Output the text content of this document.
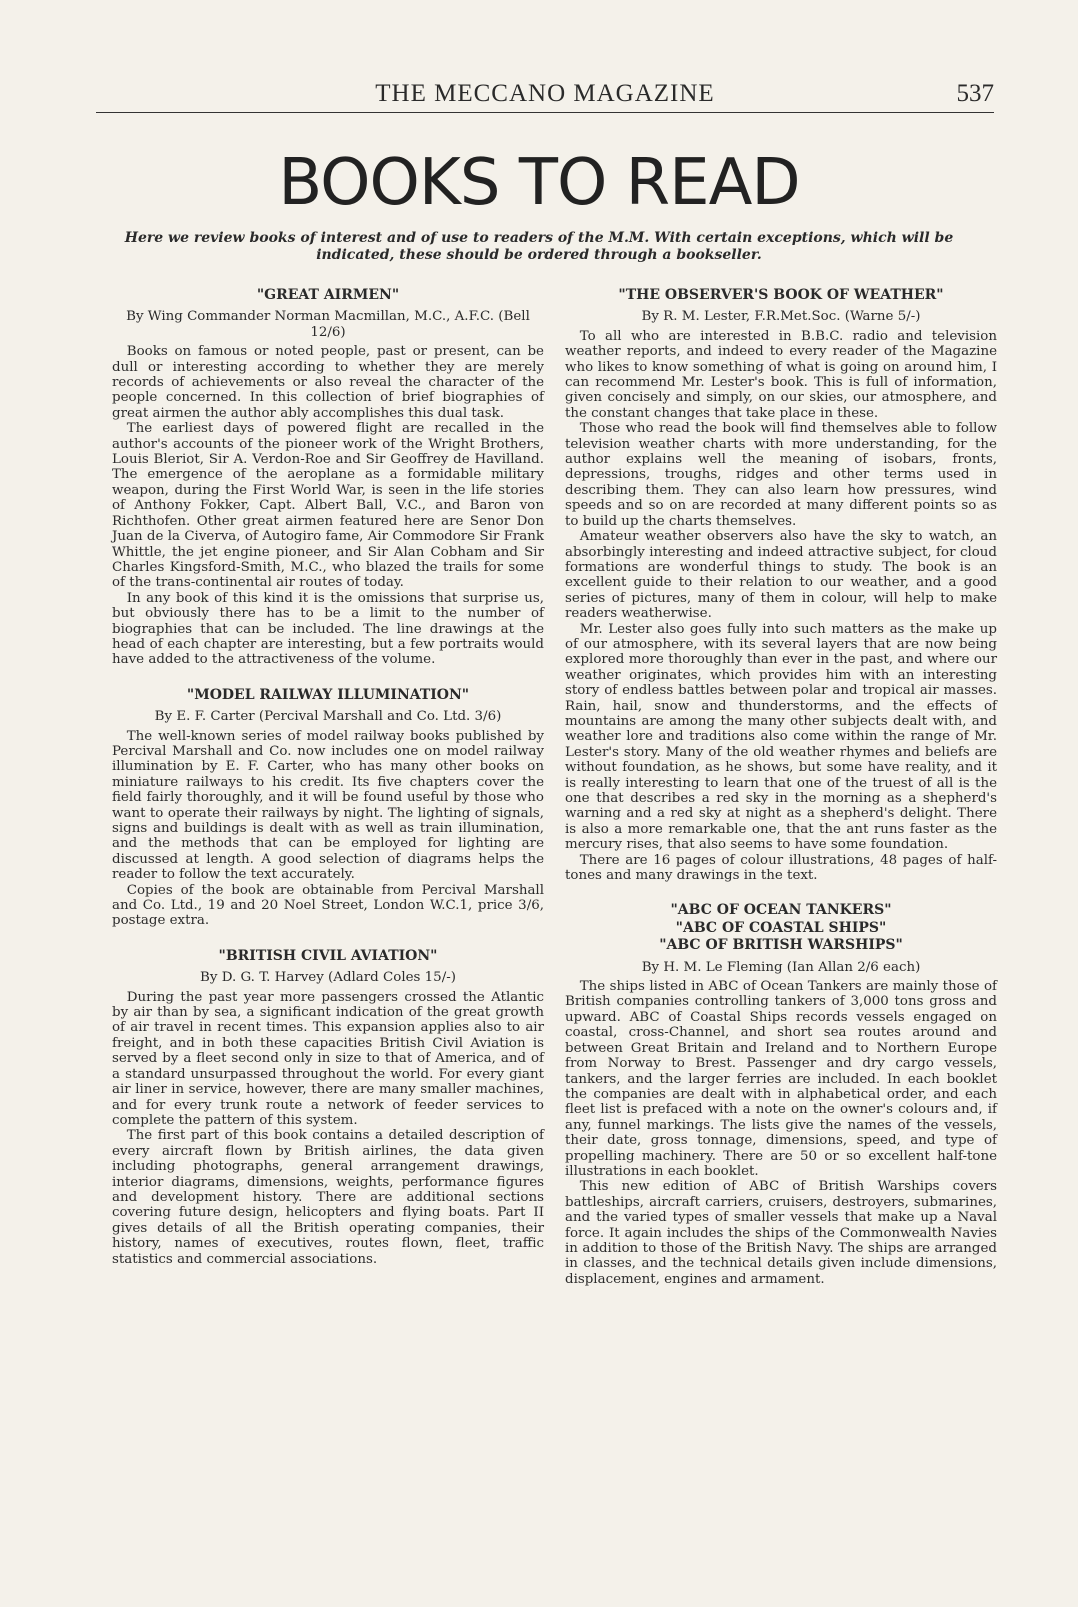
THE MECCANO MAGAZINE	537
BOOKS TO READ
Here we review books of interest and of use to readers of the M.M. With certain exceptions, which will be indicated, these should be ordered through a bookseller.
"GREAT AIRMEN"
By Wing Commander Norman Macmillan, M.C., A.F.C. (Bell 12/6)

Books on famous or noted people, past or present, can be dull or interesting according to whether they are merely records of achievements or also reveal the character of the people concerned. In this collection of brief biographies of great airmen the author ably accomplishes this dual task.

The earliest days of powered flight are recalled in the author's accounts of the pioneer work of the Wright Brothers, Louis Bleriot, Sir A. Verdon-Roe and Sir Geoffrey de Havilland. The emergence of the aeroplane as a formidable military weapon, during the First World War, is seen in the life stories of Anthony Fokker, Capt. Albert Ball, V.C., and Baron von Richthofen. Other great airmen featured here are Senor Don Juan de la Civerva, of Autogiro fame, Air Commodore Sir Frank Whittle, the jet engine pioneer, and Sir Alan Cobham and Sir Charles Kingsford-Smith, M.C., who blazed the trails for some of the trans-continental air routes of today.

In any book of this kind it is the omissions that surprise us, but obviously there has to be a limit to the number of biographies that can be included. The line drawings at the head of each chapter are interesting, but a few portraits would have added to the attractiveness of the volume.

"MODEL RAILWAY ILLUMINATION"
By E. F. Carter (Percival Marshall and Co. Ltd. 3/6)

The well-known series of model railway books published by Percival Marshall and Co. now includes one on model railway illumination by E. F. Carter, who has many other books on miniature railways to his credit. Its five chapters cover the field fairly thoroughly, and it will be found useful by those who want to operate their railways by night. The lighting of signals, signs and buildings is dealt with as well as train illumination, and the methods that can be employed for lighting are discussed at length. A good selection of diagrams helps the reader to follow the text accurately.

Copies of the book are obtainable from Percival Marshall and Co. Ltd., 19 and 20 Noel Street, London W.C.1, price 3/6, postage extra.

"BRITISH CIVIL AVIATION"
By D. G. T. Harvey (Adlard Coles 15/-)

During the past year more passengers crossed the Atlantic by air than by sea, a significant indication of the great growth of air travel in recent times. This expansion applies also to air freight, and in both these capacities British Civil Aviation is served by a fleet second only in size to that of America, and of a standard unsurpassed throughout the world. For every giant air liner in service, however, there are many smaller machines, and for every trunk route a network of feeder services to complete the pattern of this system.

The first part of this book contains a detailed description of every aircraft flown by British airlines, the data given including photographs, general arrangement drawings, interior diagrams, dimensions, weights, performance figures and development history. There are additional sections covering future design, helicopters and flying boats. Part II gives details of all the British operating companies, their history, names of executives, routes flown, fleet, traffic statistics and commercial associations.

"THE OBSERVER'S BOOK OF WEATHER"
By R. M. Lester, F.R.Met.Soc. (Warne 5/-)

To all who are interested in B.B.C. radio and television weather reports, and indeed to every reader of the Magazine who likes to know something of what is going on around him, I can recommend Mr. Lester's book. This is full of information, given concisely and simply, on our skies, our atmosphere, and the constant changes that take place in these.

Those who read the book will find themselves able to follow television weather charts with more understanding, for the author explains well the meaning of isobars, fronts, depressions, troughs, ridges and other terms used in describing them. They can also learn how pressures, wind speeds and so on are recorded at many different points so as to build up the charts themselves.

Amateur weather observers also have the sky to watch, an absorbingly interesting and indeed attractive subject, for cloud formations are wonderful things to study. The book is an excellent guide to their relation to our weather, and a good series of pictures, many of them in colour, will help to make readers weatherwise.

Mr. Lester also goes fully into such matters as the make up of our atmosphere, with its several layers that are now being explored more thoroughly than ever in the past, and where our weather originates, which provides him with an interesting story of endless battles between polar and tropical air masses. Rain, hail, snow and thunderstorms, and the effects of mountains are among the many other subjects dealt with, and weather lore and traditions also come within the range of Mr. Lester's story. Many of the old weather rhymes and beliefs are without foundation, as he shows, but some have reality, and it is really interesting to learn that one of the truest of all is the one that describes a red sky in the morning as a shepherd's warning and a red sky at night as a shepherd's delight. There is also a more remarkable one, that the ant runs faster as the mercury rises, that also seems to have some foundation.

There are 16 pages of colour illustrations, 48 pages of half-tones and many drawings in the text.

"ABC OF OCEAN TANKERS"
"ABC OF COASTAL SHIPS"
"ABC OF BRITISH WARSHIPS"
By H. M. Le Fleming (Ian Allan 2/6 each)

The ships listed in ABC of Ocean Tankers are mainly those of British companies controlling tankers of 3,000 tons gross and upward. ABC of Coastal Ships records vessels engaged on coastal, cross-Channel, and short sea routes around and between Great Britain and Ireland and to Northern Europe from Norway to Brest. Passenger and dry cargo vessels, tankers, and the larger ferries are included. In each booklet the companies are dealt with in alphabetical order, and each fleet list is prefaced with a note on the owner's colours and, if any, funnel markings. The lists give the names of the vessels, their date, gross tonnage, dimensions, speed, and type of propelling machinery. There are 50 or so excellent half-tone illustrations in each booklet.

This new edition of ABC of British Warships covers battleships, aircraft carriers, cruisers, destroyers, submarines, and the varied types of smaller vessels that make up a Naval force. It again includes the ships of the Commonwealth Navies in addition to those of the British Navy. The ships are arranged in classes, and the technical details given include dimensions, displacement, engines and armament.
